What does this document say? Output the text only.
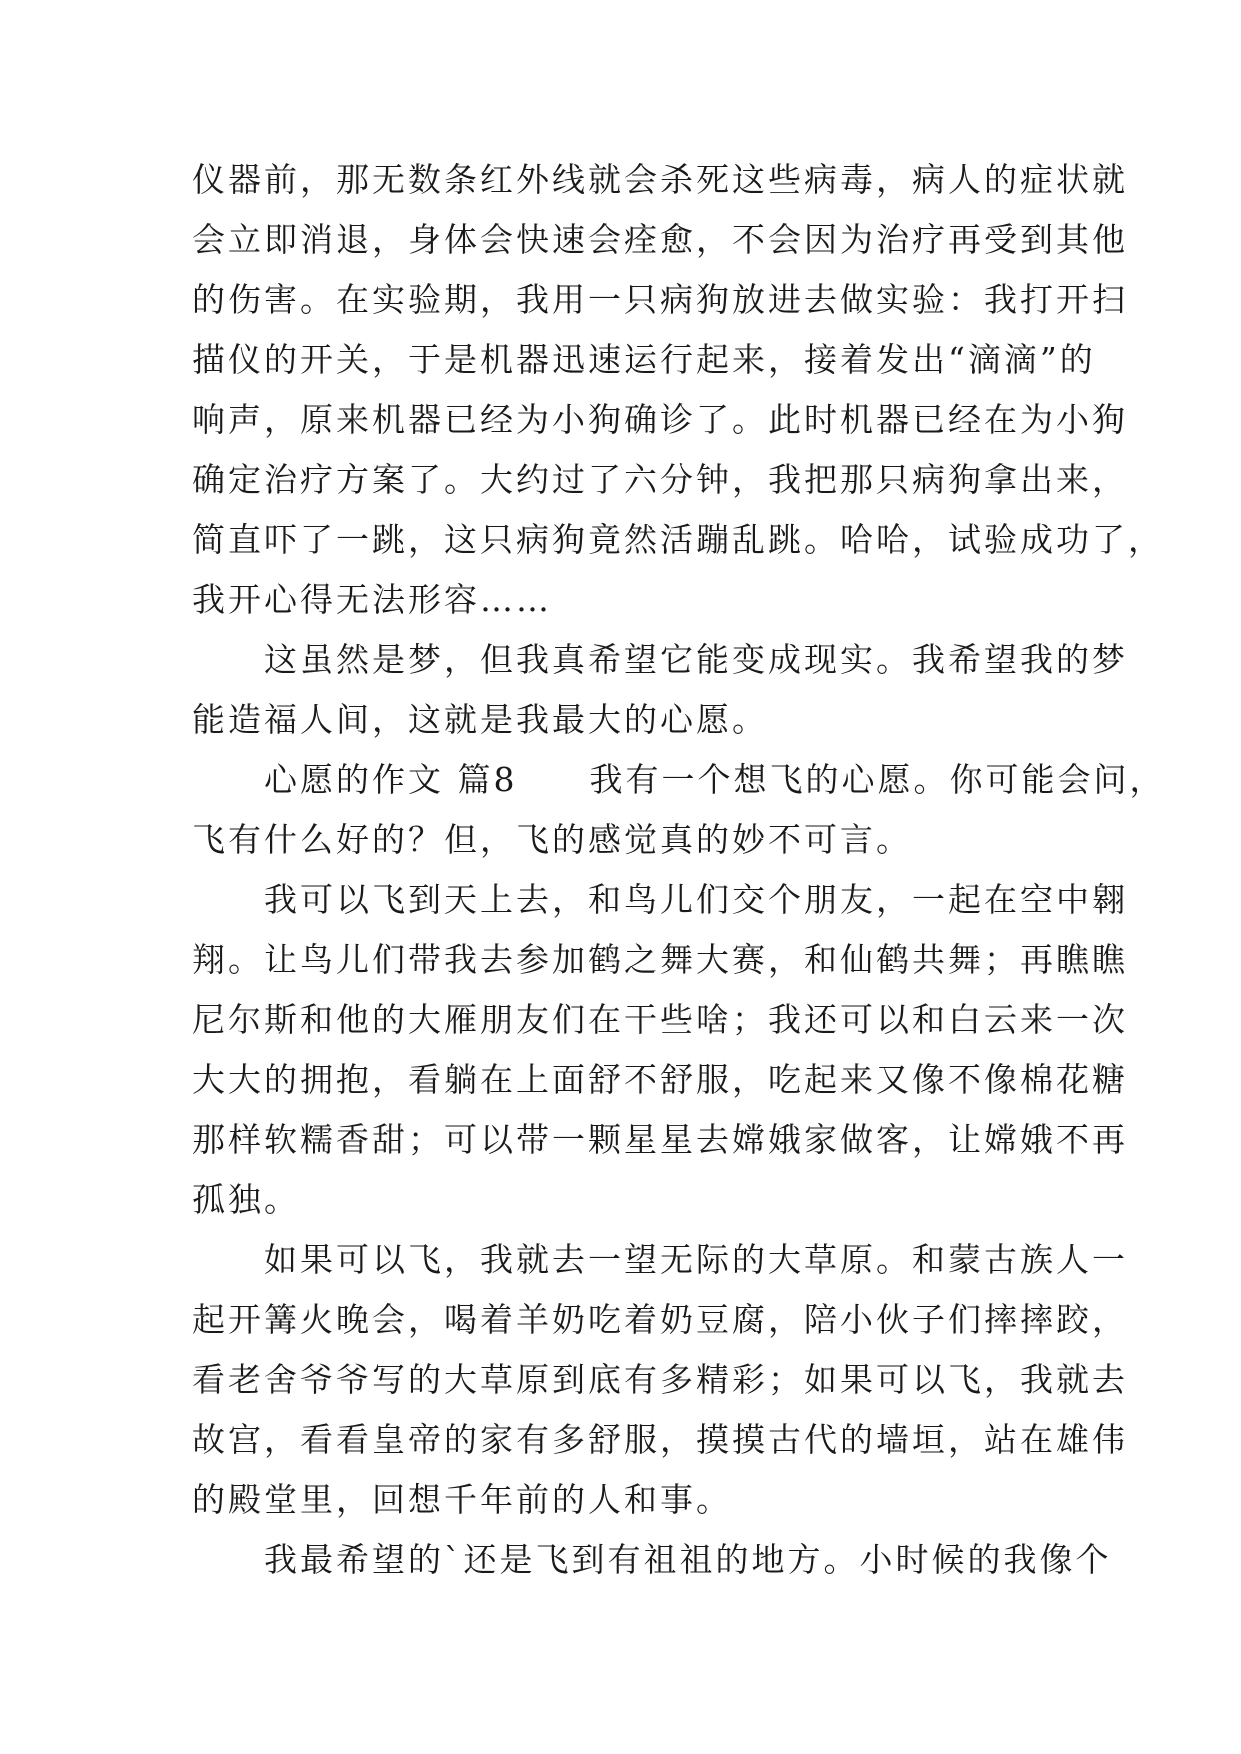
仪器前，那无数条红外线就会杀死这些病毒，病人的症状就
会立即消退，身体会快速会痊愈，不会因为治疗再受到其他
的伤害。在实验期，我用一只病狗放进去做实验：我打开扫
描仪的开关，于是机器迅速运行起来，接着发出“滴滴”的
响声，原来机器已经为小狗确诊了。此时机器已经在为小狗
确定治疗方案了。大约过了六分钟，我把那只病狗拿出来，
简直吓了一跳，这只病狗竟然活蹦乱跳。哈哈，试验成功了，
我开心得无法形容……
　　这虽然是梦，但我真希望它能变成现实。我希望我的梦
能造福人间，这就是我最大的心愿。
　　心愿的作文 篇8　　我有一个想飞的心愿。你可能会问，
飞有什么好的？但，飞的感觉真的妙不可言。
　　我可以飞到天上去，和鸟儿们交个朋友，一起在空中翱
翔。让鸟儿们带我去参加鹤之舞大赛，和仙鹤共舞；再瞧瞧
尼尔斯和他的大雁朋友们在干些啥；我还可以和白云来一次
大大的拥抱，看躺在上面舒不舒服，吃起来又像不像棉花糖
那样软糯香甜；可以带一颗星星去嫦娥家做客，让嫦娥不再
孤独。
　　如果可以飞，我就去一望无际的大草原。和蒙古族人一
起开篝火晚会，喝着羊奶吃着奶豆腐，陪小伙子们摔摔跤，
看老舍爷爷写的大草原到底有多精彩；如果可以飞，我就去
故宫，看看皇帝的家有多舒服，摸摸古代的墙垣，站在雄伟
的殿堂里，回想千年前的人和事。
　　我最希望的`还是飞到有祖祖的地方。小时候的我像个
